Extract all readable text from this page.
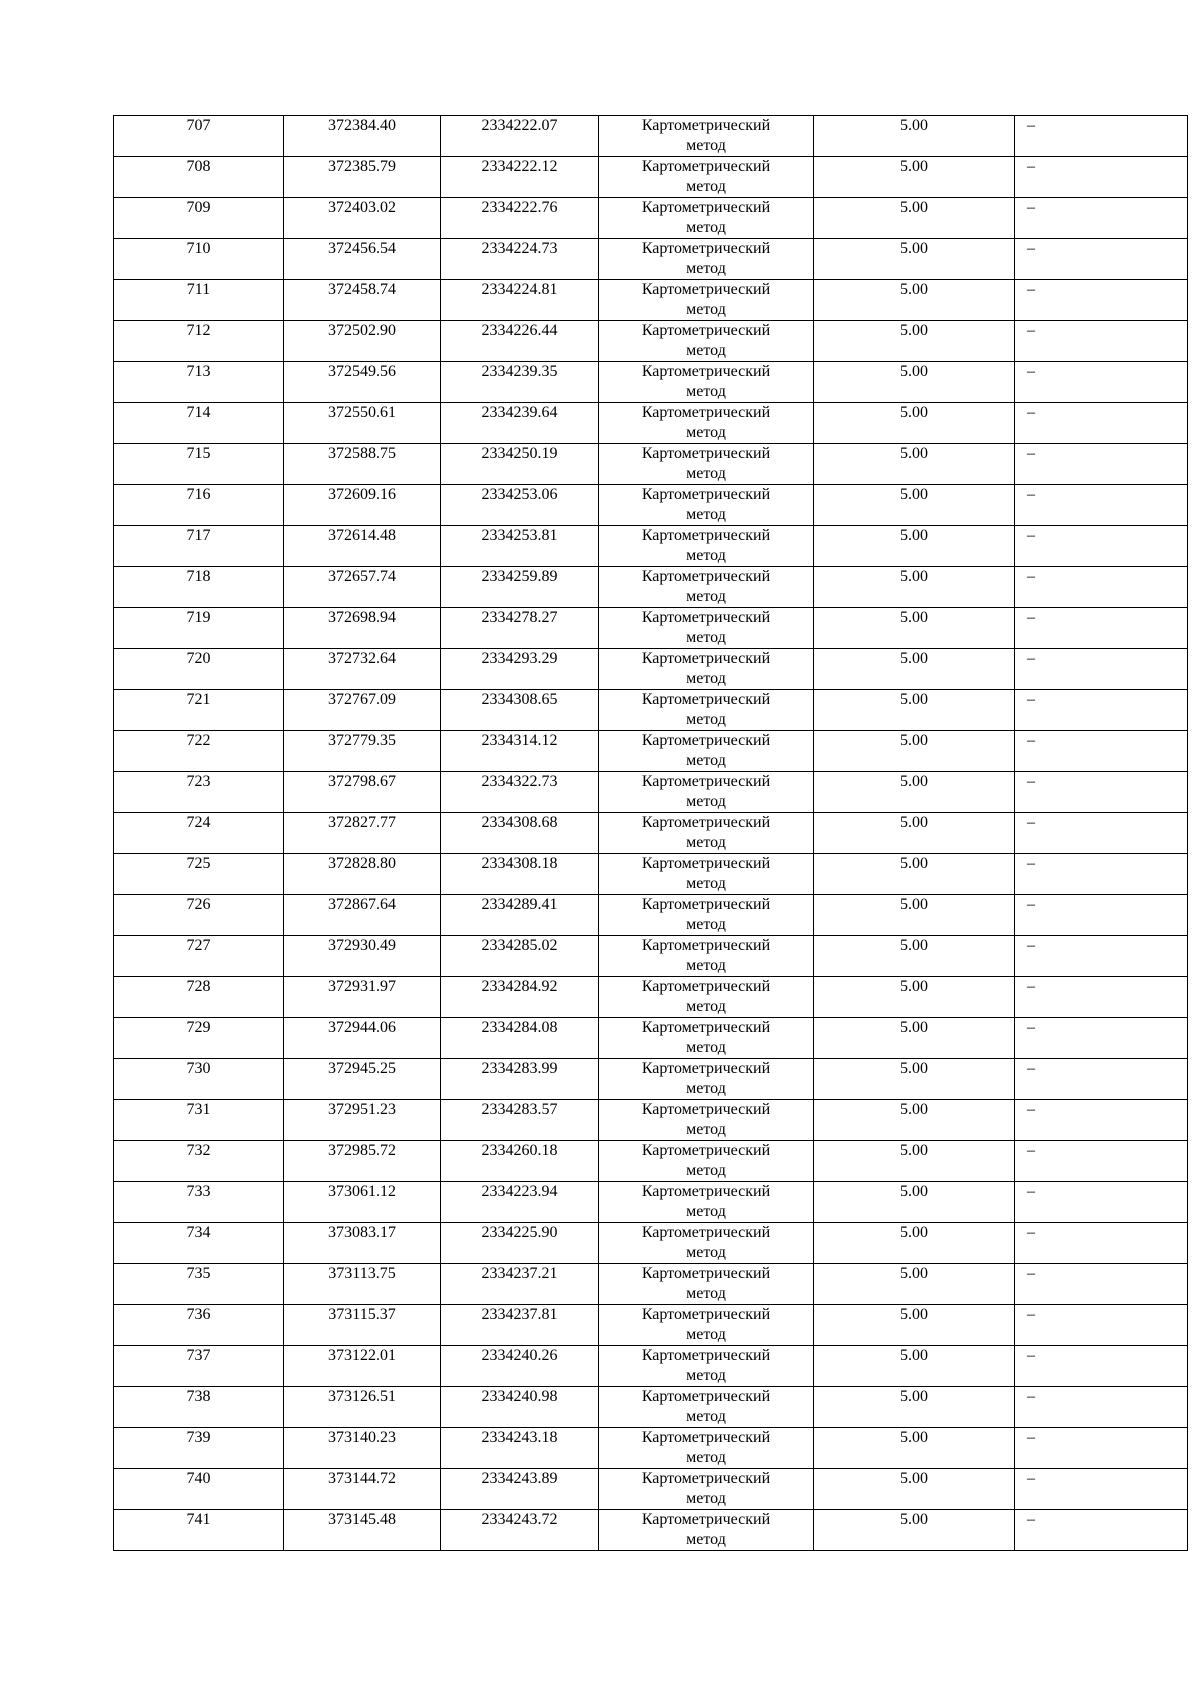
707	372384.40	2334222.07	Картометрический
метод	5.00	–
708	372385.79	2334222.12	Картометрический
метод	5.00	–
709	372403.02	2334222.76	Картометрический
метод	5.00	–
710	372456.54	2334224.73	Картометрический
метод	5.00	–
711	372458.74	2334224.81	Картометрический
метод	5.00	–
712	372502.90	2334226.44	Картометрический
метод	5.00	–
713	372549.56	2334239.35	Картометрический
метод	5.00	–
714	372550.61	2334239.64	Картометрический
метод	5.00	–
715	372588.75	2334250.19	Картометрический
метод	5.00	–
716	372609.16	2334253.06	Картометрический
метод	5.00	–
717	372614.48	2334253.81	Картометрический
метод	5.00	–
718	372657.74	2334259.89	Картометрический
метод	5.00	–
719	372698.94	2334278.27	Картометрический
метод	5.00	–
720	372732.64	2334293.29	Картометрический
метод	5.00	–
721	372767.09	2334308.65	Картометрический
метод	5.00	–
722	372779.35	2334314.12	Картометрический
метод	5.00	–
723	372798.67	2334322.73	Картометрический
метод	5.00	–
724	372827.77	2334308.68	Картометрический
метод	5.00	–
725	372828.80	2334308.18	Картометрический
метод	5.00	–
726	372867.64	2334289.41	Картометрический
метод	5.00	–
727	372930.49	2334285.02	Картометрический
метод	5.00	–
728	372931.97	2334284.92	Картометрический
метод	5.00	–
729	372944.06	2334284.08	Картометрический
метод	5.00	–
730	372945.25	2334283.99	Картометрический
метод	5.00	–
731	372951.23	2334283.57	Картометрический
метод	5.00	–
732	372985.72	2334260.18	Картометрический
метод	5.00	–
733	373061.12	2334223.94	Картометрический
метод	5.00	–
734	373083.17	2334225.90	Картометрический
метод	5.00	–
735	373113.75	2334237.21	Картометрический
метод	5.00	–
736	373115.37	2334237.81	Картометрический
метод	5.00	–
737	373122.01	2334240.26	Картометрический
метод	5.00	–
738	373126.51	2334240.98	Картометрический
метод	5.00	–
739	373140.23	2334243.18	Картометрический
метод	5.00	–
740	373144.72	2334243.89	Картометрический
метод	5.00	–
741	373145.48	2334243.72	Картометрический
метод	5.00	–
